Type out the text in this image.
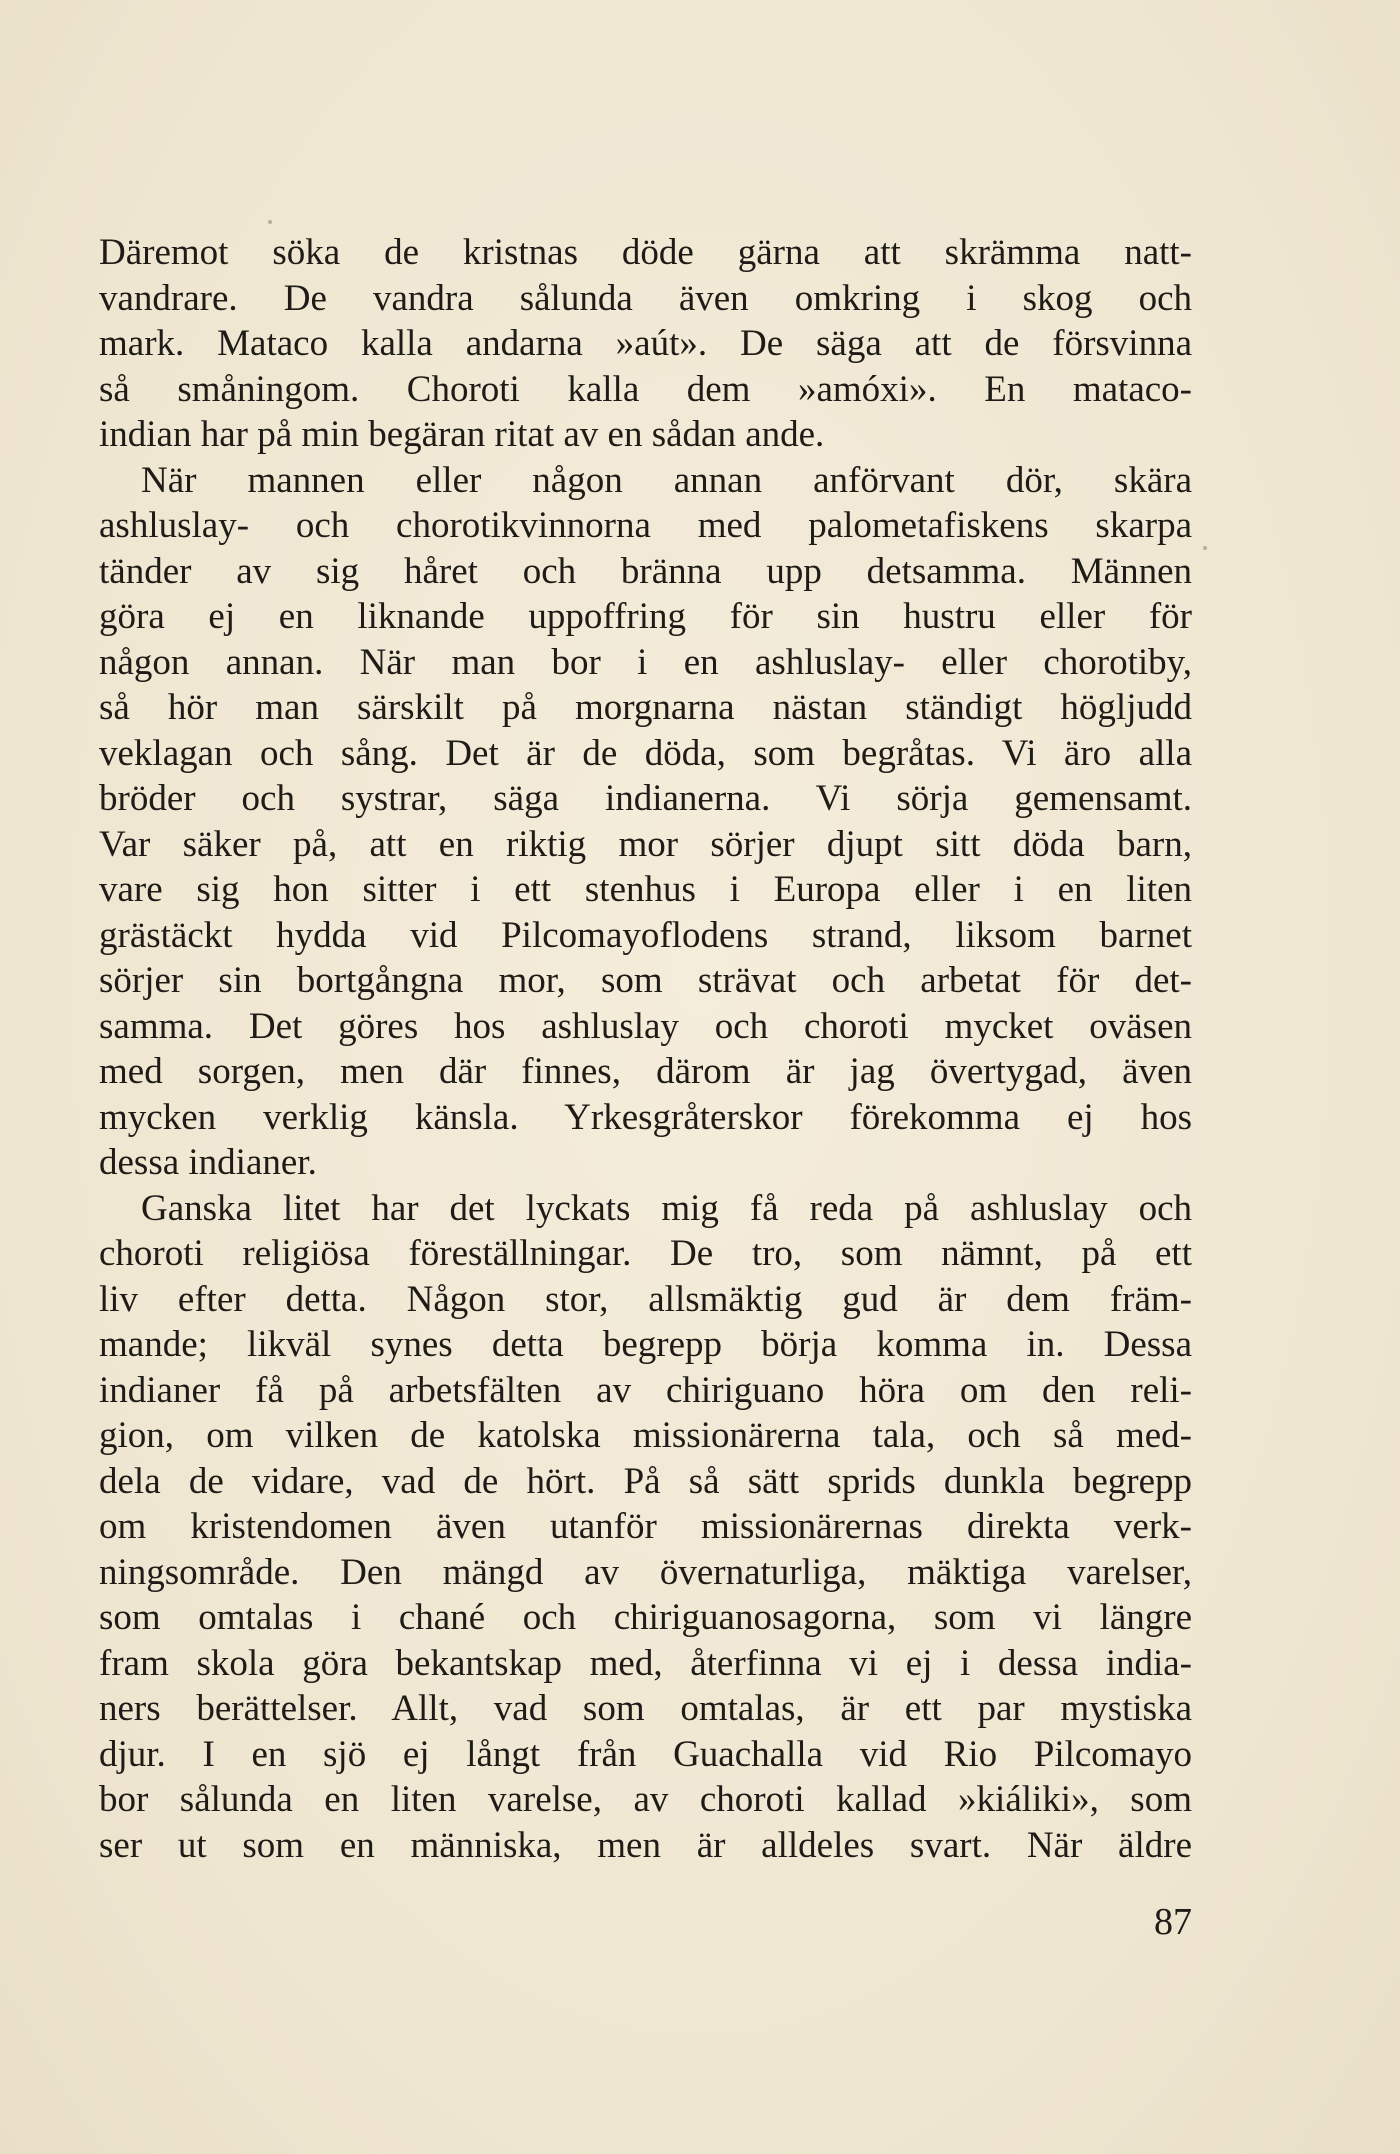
Däremot söka de kristnas döde gärna att skrämma natt-
vandrare. De vandra sålunda även omkring i skog och
mark. Mataco kalla andarna »aút». De säga att de försvinna
så småningom. Choroti kalla dem »amóxi». En mataco-
indian har på min begäran ritat av en sådan ande.
När mannen eller någon annan anförvant dör, skära
ashluslay- och chorotikvinnorna med palometafiskens skarpa
tänder av sig håret och bränna upp detsamma. Männen
göra ej en liknande uppoffring för sin hustru eller för
någon annan. När man bor i en ashluslay- eller chorotiby,
så hör man särskilt på morgnarna nästan ständigt högljudd
veklagan och sång. Det är de döda, som begråtas. Vi äro alla
bröder och systrar, säga indianerna. Vi sörja gemensamt.
Var säker på, att en riktig mor sörjer djupt sitt döda barn,
vare sig hon sitter i ett stenhus i Europa eller i en liten
grästäckt hydda vid Pilcomayoflodens strand, liksom barnet
sörjer sin bortgångna mor, som strävat och arbetat för det-
samma. Det göres hos ashluslay och choroti mycket oväsen
med sorgen, men där finnes, därom är jag övertygad, även
mycken verklig känsla. Yrkesgråterskor förekomma ej hos
dessa indianer.
Ganska litet har det lyckats mig få reda på ashluslay och
choroti religiösa föreställningar. De tro, som nämnt, på ett
liv efter detta. Någon stor, allsmäktig gud är dem främ-
mande; likväl synes detta begrepp börja komma in. Dessa
indianer få på arbetsfälten av chiriguano höra om den reli-
gion, om vilken de katolska missionärerna tala, och så med-
dela de vidare, vad de hört. På så sätt sprids dunkla begrepp
om kristendomen även utanför missionärernas direkta verk-
ningsområde. Den mängd av övernaturliga, mäktiga varelser,
som omtalas i chané och chiriguanosagorna, som vi längre
fram skola göra bekantskap med, återfinna vi ej i dessa india-
ners berättelser. Allt, vad som omtalas, är ett par mystiska
djur. I en sjö ej långt från Guachalla vid Rio Pilcomayo
bor sålunda en liten varelse, av choroti kallad »kiáliki», som
ser ut som en människa, men är alldeles svart. När äldre
87
